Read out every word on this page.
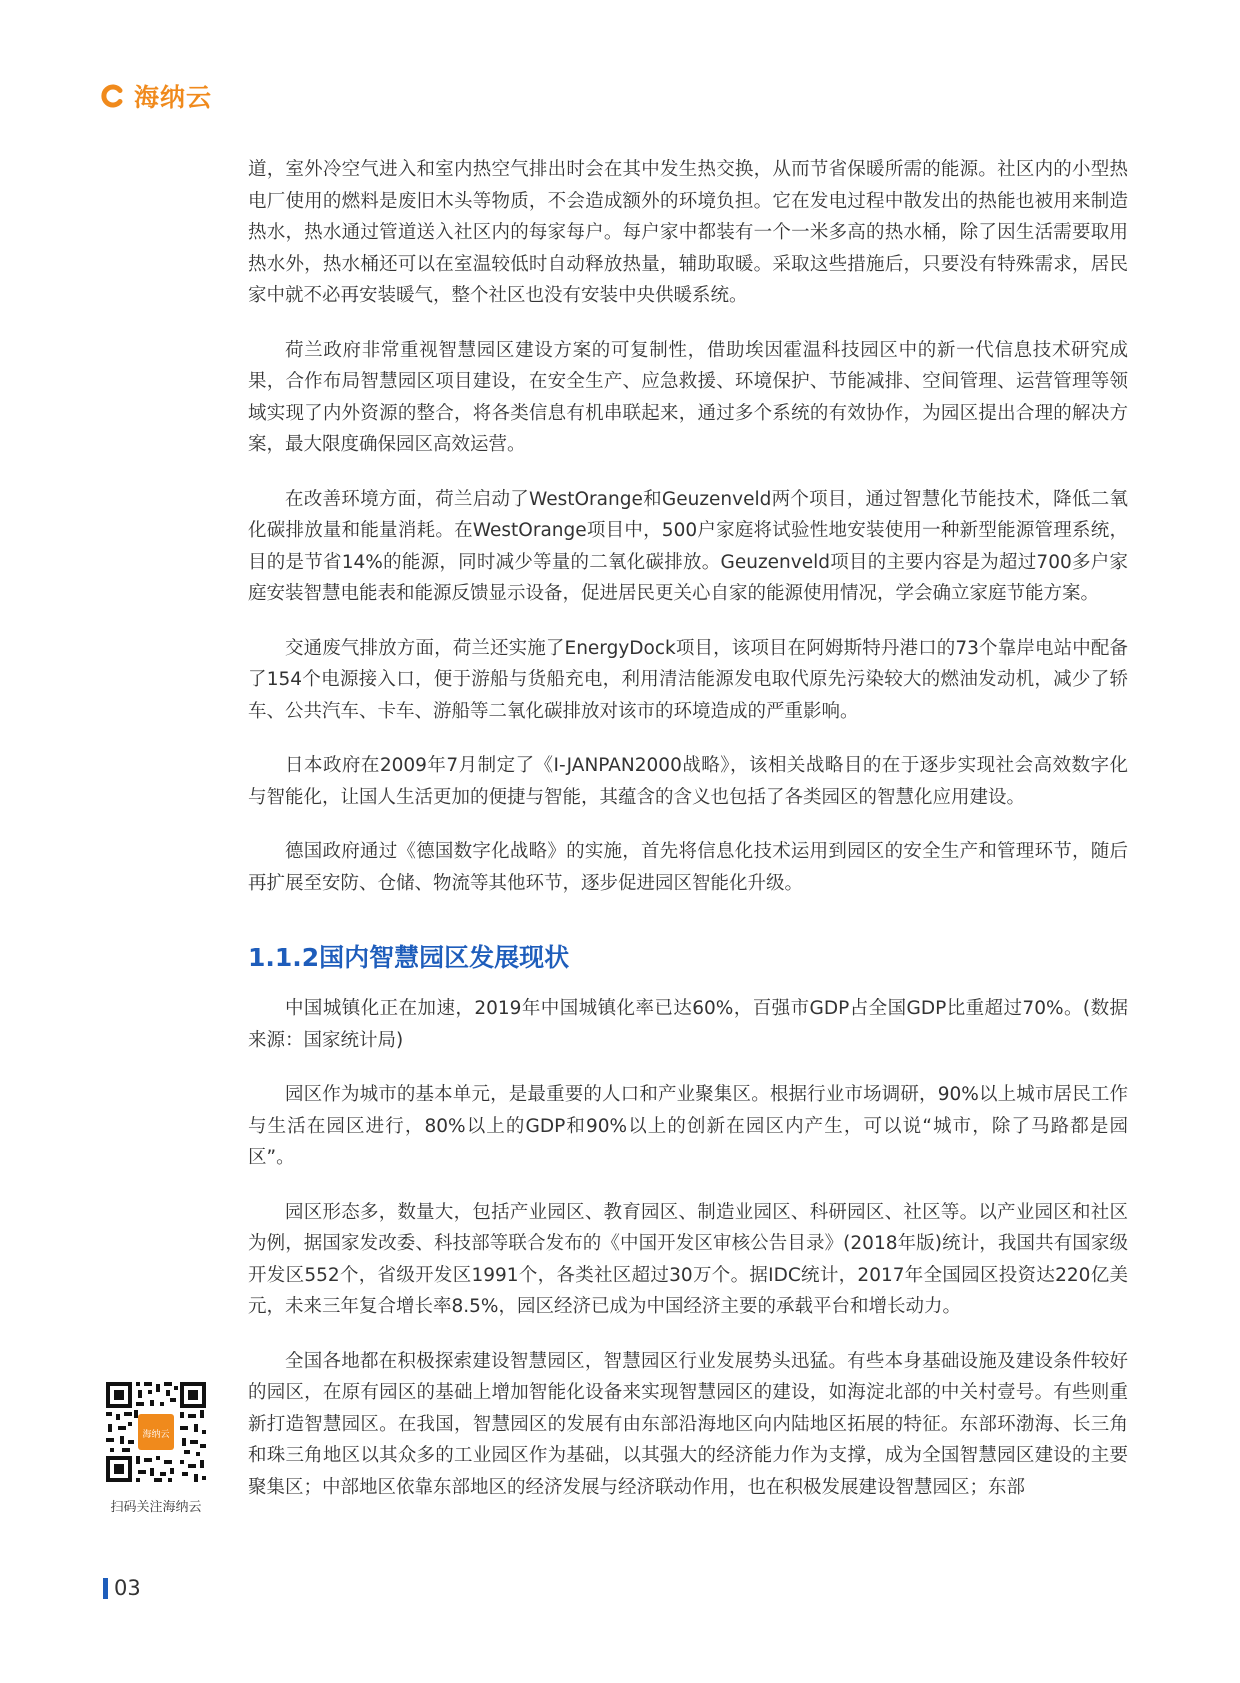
海纳云

道，室外冷空气进入和室内热空气排出时会在其中发生热交换，从而节省保暖所需的能源。社区内的小型热电厂使用的燃料是废旧木头等物质，不会造成额外的环境负担。它在发电过程中散发出的热能也被用来制造热水，热水通过管道送入社区内的每家每户。每户家中都装有一个一米多高的热水桶，除了因生活需要取用热水外，热水桶还可以在室温较低时自动释放热量，辅助取暖。采取这些措施后，只要没有特殊需求，居民家中就不必再安装暖气，整个社区也没有安装中央供暖系统。

荷兰政府非常重视智慧园区建设方案的可复制性，借助埃因霍温科技园区中的新一代信息技术研究成果，合作布局智慧园区项目建设，在安全生产、应急救援、环境保护、节能减排、空间管理、运营管理等领域实现了内外资源的整合，将各类信息有机串联起来，通过多个系统的有效协作，为园区提出合理的解决方案，最大限度确保园区高效运营。

在改善环境方面，荷兰启动了WestOrange和Geuzenveld两个项目，通过智慧化节能技术，降低二氧化碳排放量和能量消耗。在WestOrange项目中，500户家庭将试验性地安装使用一种新型能源管理系统，目的是节省14%的能源，同时减少等量的二氧化碳排放。Geuzenveld项目的主要内容是为超过700多户家庭安装智慧电能表和能源反馈显示设备，促进居民更关心自家的能源使用情况，学会确立家庭节能方案。

交通废气排放方面，荷兰还实施了EnergyDock项目，该项目在阿姆斯特丹港口的73个靠岸电站中配备了154个电源接入口，便于游船与货船充电，利用清洁能源发电取代原先污染较大的燃油发动机，减少了轿车、公共汽车、卡车、游船等二氧化碳排放对该市的环境造成的严重影响。

日本政府在2009年7月制定了《I-JANPAN2000战略》，该相关战略目的在于逐步实现社会高效数字化与智能化，让国人生活更加的便捷与智能，其蕴含的含义也包括了各类园区的智慧化应用建设。

德国政府通过《德国数字化战略》的实施，首先将信息化技术运用到园区的安全生产和管理环节，随后再扩展至安防、仓储、物流等其他环节，逐步促进园区智能化升级。

1.1.2国内智慧园区发展现状

中国城镇化正在加速，2019年中国城镇化率已达60%，百强市GDP占全国GDP比重超过70%。(数据来源：国家统计局)

园区作为城市的基本单元，是最重要的人口和产业聚集区。根据行业市场调研，90%以上城市居民工作与生活在园区进行，80%以上的GDP和90%以上的创新在园区内产生，可以说“城市，除了马路都是园区”。

园区形态多，数量大，包括产业园区、教育园区、制造业园区、科研园区、社区等。以产业园区和社区为例，据国家发改委、科技部等联合发布的《中国开发区审核公告目录》(2018年版)统计，我国共有国家级开发区552个，省级开发区1991个，各类社区超过30万个。据IDC统计，2017年全国园区投资达220亿美元，未来三年复合增长率8.5%，园区经济已成为中国经济主要的承载平台和增长动力。

全国各地都在积极探索建设智慧园区，智慧园区行业发展势头迅猛。有些本身基础设施及建设条件较好的园区，在原有园区的基础上增加智能化设备来实现智慧园区的建设，如海淀北部的中关村壹号。有些则重新打造智慧园区。在我国，智慧园区的发展有由东部沿海地区向内陆地区拓展的特征。东部环渤海、长三角和珠三角地区以其众多的工业园区作为基础，以其强大的经济能力作为支撑，成为全国智慧园区建设的主要聚集区；中部地区依靠东部地区的经济发展与经济联动作用，也在积极发展建设智慧园区；东部

海纳云
扫码关注海纳云
03
